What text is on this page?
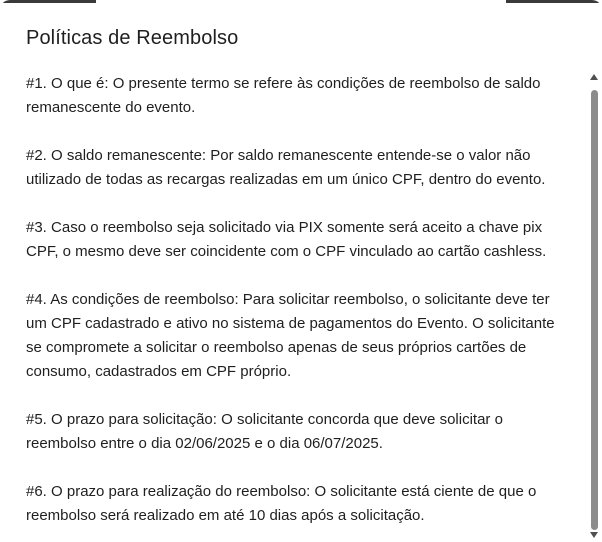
Políticas de Reembolso

#1. O que é: O presente termo se refere às condições de reembolso de saldo remanescente do evento.

#2. O saldo remanescente: Por saldo remanescente entende-se o valor não utilizado de todas as recargas realizadas em um único CPF, dentro do evento.

#3. Caso o reembolso seja solicitado via PIX somente será aceito a chave pix CPF, o mesmo deve ser coincidente com o CPF vinculado ao cartão cashless.

#4. As condições de reembolso: Para solicitar reembolso, o solicitante deve ter um CPF cadastrado e ativo no sistema de pagamentos do Evento. O solicitante se compromete a solicitar o reembolso apenas de seus próprios cartões de consumo, cadastrados em CPF próprio.

#5. O prazo para solicitação: O solicitante concorda que deve solicitar o reembolso entre o dia 02/06/2025 e o dia 06/07/2025.

#6. O prazo para realização do reembolso: O solicitante está ciente de que o reembolso será realizado em até 10 dias após a solicitação.
